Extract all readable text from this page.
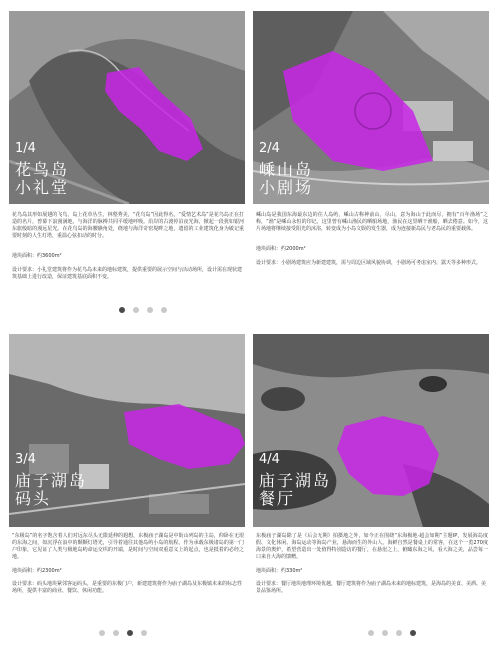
1/4
花鸟岛
小礼堂
花鸟岛其形如展翅的飞鸟，岛上花草丛生，林壑秀美，“花鸟岛”因此得名。“爱情艺术岛”是花鸟岛正在打造的名片，曾幕下浪漫满地，与海洋的脉搏共同平缓地呼吸。沿岸的古渡停泊夜光海，掀起一段犹如银河东旅般暗的漫远星光。在花鸟岛的海腰礁角处，绕地与海洋奇密堤畔之地，遗留的工业建筑化身为敏记重要时刻的人生灯塔，重温心弦扣动的时分。
地块面积：约3600m²
设计要求：小礼堂建筑将作为花鸟岛未来的地标建筑，提供重要的展示空间与活动场所，设计需在现状建筑基础上进行改造，保证建筑基底面积不变。
2/4
嵊山岛
小剧场
嵊山岛是我国东海最东边的住人岛屿，嵊山古称神前山，尽山，意为海山于此而尽，拥有“百年渔场”之称，“渔”是嵊山永恒的印记，这里曾有嵊山渔民的晒船场地，渔民在这里晒干渔船，晒去倦意。如今，这片场地将继续接受阳光的沐浴，转变成为小岛文娱的发生器，成为连接新岛民与老岛民的重要载体。
地块面积：约2000m²
设计要求：小剧场建筑应为新建建筑，需与周边区域风貌协调，小剧场可考虑室内、露天等多种形式。
3/4
庙子湖岛
码头
“东极岛”的名字饱含着人们对远东尽头无限延伸的遐想，东极庙子湖岛是中街山列岛的主岛，仰卧在无垠的东海之间，如沉浮在浪中的颗颗灯塔光，引导着通往其他岛屿小岛的航程。作为承载东极诸岛的第一门户印象，它见证了人类与极地岛屿命运交织的开端，是时间与空间双重意义上的起点，也是抵着的必经之地。
地块面积：约2300m²
设计要求：码头地块紧邻客运码头，是重要的东极门户，新建建筑将作为庙子湖岛及东极镇未来的标志性场所，提供丰富的商业、餐饮、休闲功能。
4/4
庙子湖岛
餐厅
东极庙子湖岛除了是《后会无期》拍摄地之外，如今正在围绕“东海极地·超会如期”主题IP，发展海岛度假、文化休闲、海岛运动等海岛产业，悬海而生的外山人，海鲜自然是餐桌上的常客，在这个一览270度海景的奥炉，希望营造出一处值得特别造访的餐厅，在悬崖之上，俯瞰东海之风，看大海之美，品尝每一口来自大海的馈赠。
地块面积：约330m²
设计要求：餐厅地块地理环境优越，餐厅建筑将作为庙子湖岛未来的地标建筑，是海岛的美食、美酒、美景品鉴场所。
